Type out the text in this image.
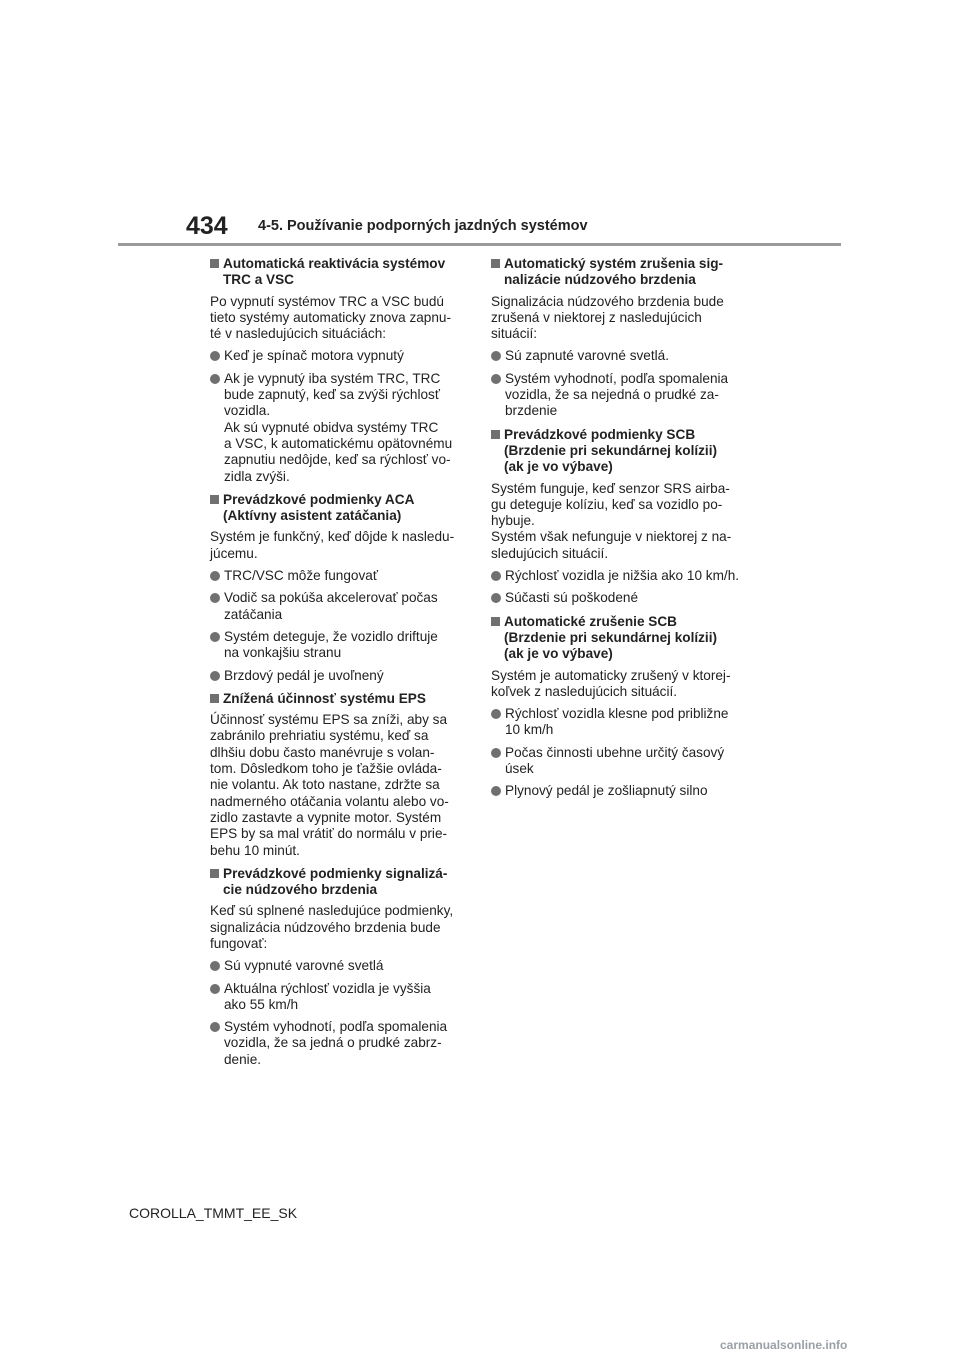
434 4-5. Používanie podporných jazdných systémov
Automatická reaktivácia systémov
TRC a VSC
Po vypnutí systémov TRC a VSC budú
tieto systémy automaticky znova zapnu-
té v nasledujúcich situáciách:
Keď je spínač motora vypnutý
Ak je vypnutý iba systém TRC, TRC
bude zapnutý, keď sa zvýši rýchlosť
vozidla.
Ak sú vypnuté obidva systémy TRC
a VSC, k automatickému opätovnému
zapnutiu nedôjde, keď sa rýchlosť vo-
zidla zvýši.
Prevádzkové podmienky ACA
(Aktívny asistent zatáčania)
Systém je funkčný, keď dôjde k nasledu-
júcemu.
TRC/VSC môže fungovať
Vodič sa pokúša akcelerovať počas
zatáčania
Systém deteguje, že vozidlo driftuje
na vonkajšiu stranu
Brzdový pedál je uvoľnený
Znížená účinnosť systému EPS
Účinnosť systému EPS sa zníži, aby sa
zabránilo prehriatiu systému, keď sa
dlhšiu dobu často manévruje s volan-
tom. Dôsledkom toho je ťažšie ovláda-
nie volantu. Ak toto nastane, zdržte sa
nadmerného otáčania volantu alebo vo-
zidlo zastavte a vypnite motor. Systém
EPS by sa mal vrátiť do normálu v prie-
behu 10 minút.
Prevádzkové podmienky signalizá-
cie núdzového brzdenia
Keď sú splnené nasledujúce podmienky,
signalizácia núdzového brzdenia bude
fungovať:
Sú vypnuté varovné svetlá
Aktuálna rýchlosť vozidla je vyššia
ako 55 km/h
Systém vyhodnotí, podľa spomalenia
vozidla, že sa jedná o prudké zabrz-
denie.
Automatický systém zrušenia sig-
nalizácie núdzového brzdenia
Signalizácia núdzového brzdenia bude
zrušená v niektorej z nasledujúcich
situácií:
Sú zapnuté varovné svetlá.
Systém vyhodnotí, podľa spomalenia
vozidla, že sa nejedná o prudké za-
brzdenie
Prevádzkové podmienky SCB
(Brzdenie pri sekundárnej kolízii)
(ak je vo výbave)
Systém funguje, keď senzor SRS airba-
gu deteguje kolíziu, keď sa vozidlo po-
hybuje.
Systém však nefunguje v niektorej z na-
sledujúcich situácií.
Rýchlosť vozidla je nižšia ako 10 km/h.
Súčasti sú poškodené
Automatické zrušenie SCB
(Brzdenie pri sekundárnej kolízii)
(ak je vo výbave)
Systém je automaticky zrušený v ktorej-
koľvek z nasledujúcich situácií.
Rýchlosť vozidla klesne pod približne
10 km/h
Počas činnosti ubehne určitý časový
úsek
Plynový pedál je zošliapnutý silno
COROLLA_TMMT_EE_SK
carmanualsonline.info
